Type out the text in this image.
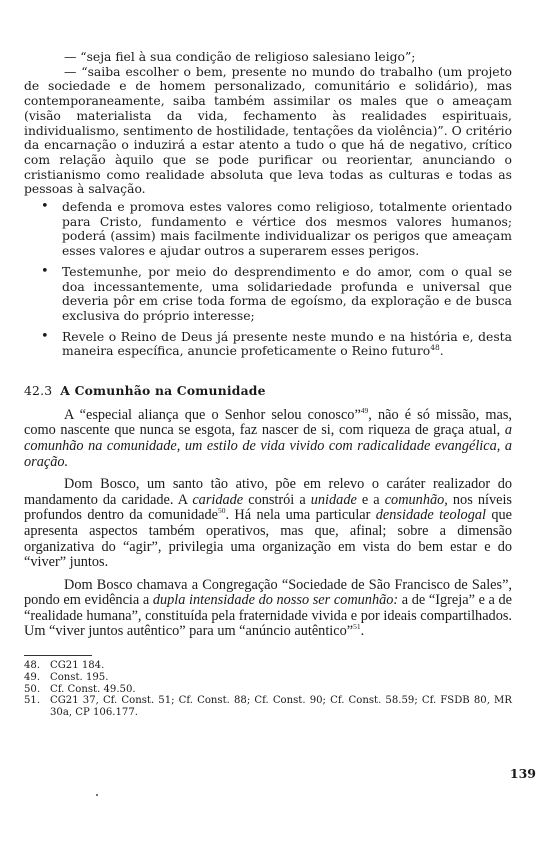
— “seja fiel à sua condição de religioso salesiano leigo”;

— “saiba escolher o bem, presente no mundo do trabalho (um projeto de sociedade e de homem personalizado, comunitário e solidário), mas contemporaneamente, saiba também assimilar os males que o ameaçam (visão materialista da vida, fechamento às realidades espirituais, individualismo, sentimento de hostilidade, tentações da violência)”. O critério da encarnação o induzirá a estar atento a tudo o que há de negativo, crítico com relação àquilo que se pode purificar ou reorientar, anunciando o cristianismo como realidade absoluta que leva todas as culturas e todas as pessoas à salvação.

• defenda e promova estes valores como religioso, totalmente orientado para Cristo, fundamento e vértice dos mesmos valores humanos; poderá (assim) mais facilmente individualizar os perigos que ameaçam esses valores e ajudar outros a superarem esses perigos.
• Testemunhe, por meio do desprendimento e do amor, com o qual se doa incessantemente, uma solidariedade profunda e universal que deveria pôr em crise toda forma de egoísmo, da exploração e de busca exclusiva do próprio interesse;
• Revele o Reino de Deus já presente neste mundo e na história e, desta maneira específica, anuncie profeticamente o Reino futuro$^{48}$.
42.3 A Comunhão na Comunidade

A “especial aliança que o Senhor selou conosco”$^{49}$, não é só missão, mas, como nascente que nunca se esgota, faz nascer de si, com riqueza de graça atual, a comunhão na comunidade, um estilo de vida vivido com radicalidade evangélica, a oração.

Dom Bosco, um santo tão ativo, põe em relevo o caráter realizador do mandamento da caridade. A caridade constrói a unidade e a comunhão, nos níveis profundos dentro da comunidade$^{50}$. Há nela uma particular densidade teologal que apresenta aspectos também operativos, mas que, afinal; sobre a dimensão organizativa do “agir”, privilegia uma organização em vista do bem estar e do “viver” juntos.

Dom Bosco chamava a Congregação “Sociedade de São Francisco de Sales”, pondo em evidência a dupla intensidade do nosso ser comunhão: a de “Igreja” e a de “realidade humana”, constituída pela fraternidade vivida e por ideais compartilhados. Um “viver juntos autêntico” para um “anúncio autêntico”$^{51}$.

48. CG21 184.
49. Const. 195.
50. Cf. Const. 49.50.
51. CG21 37, Cf. Const. 51; Cf. Const. 88; Cf. Const. 90; Cf. Const. 58.59; Cf. FSDB 80, MR 30a, CP 106.177.
139
